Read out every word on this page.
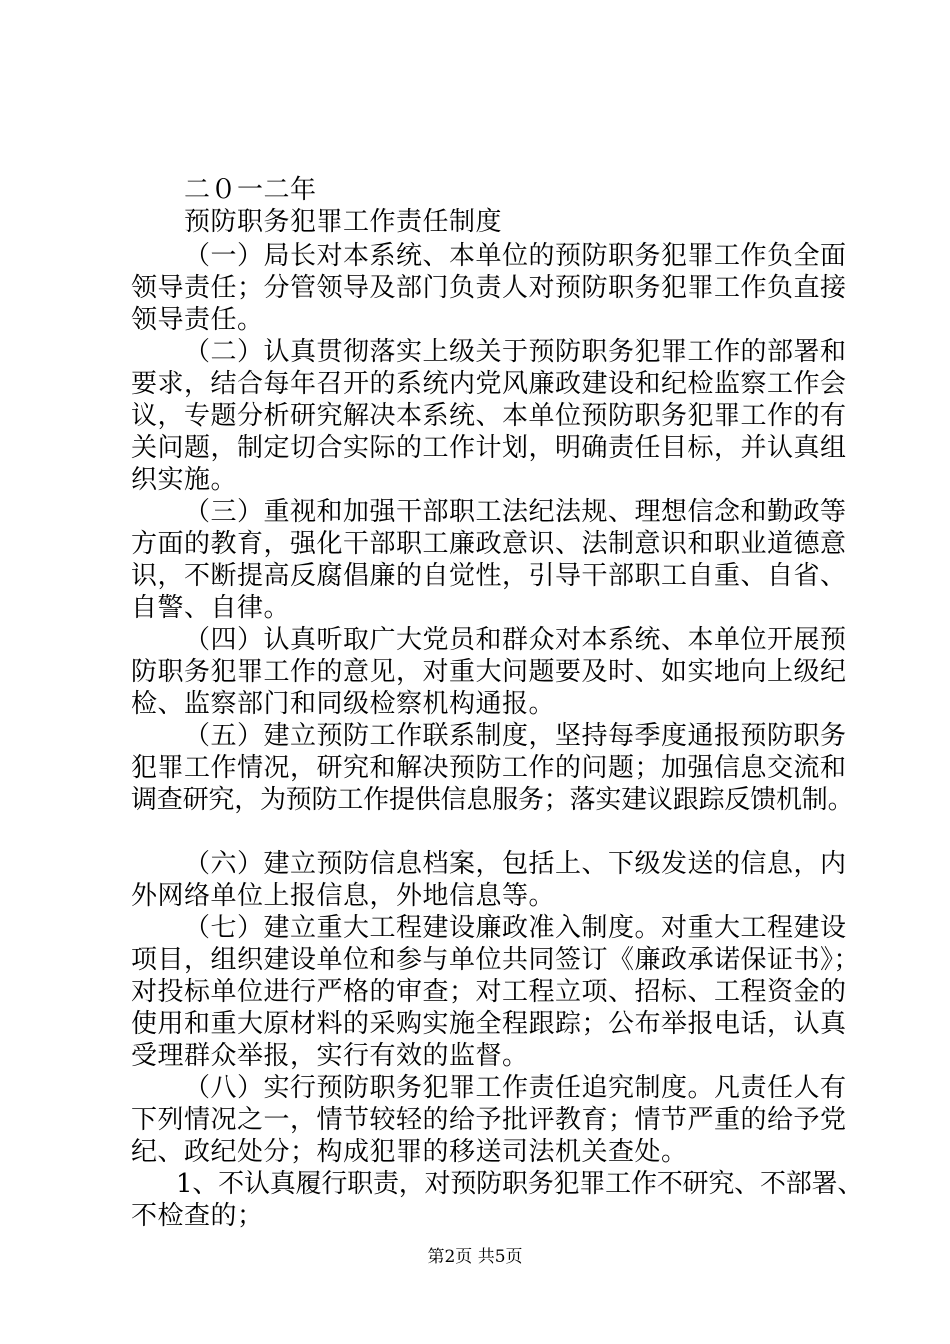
二０一二年
预防职务犯罪工作责任制度
（一）局长对本系统、本单位的预防职务犯罪工作负全面
领导责任；分管领导及部门负责人对预防职务犯罪工作负直接
领导责任。
（二）认真贯彻落实上级关于预防职务犯罪工作的部署和
要求，结合每年召开的系统内党风廉政建设和纪检监察工作会
议，专题分析研究解决本系统、本单位预防职务犯罪工作的有
关问题，制定切合实际的工作计划，明确责任目标，并认真组
织实施。
（三）重视和加强干部职工法纪法规、理想信念和勤政等
方面的教育，强化干部职工廉政意识、法制意识和职业道德意
识，不断提高反腐倡廉的自觉性，引导干部职工自重、自省、
自警、自律。
（四）认真听取广大党员和群众对本系统、本单位开展预
防职务犯罪工作的意见，对重大问题要及时、如实地向上级纪
检、监察部门和同级检察机构通报。
（五）建立预防工作联系制度，坚持每季度通报预防职务
犯罪工作情况，研究和解决预防工作的问题；加强信息交流和
调查研究，为预防工作提供信息服务；落实建议跟踪反馈机制。
（六）建立预防信息档案，包括上、下级发送的信息，内
外网络单位上报信息，外地信息等。
（七）建立重大工程建设廉政准入制度。对重大工程建设
项目，组织建设单位和参与单位共同签订《廉政承诺保证书》；
对投标单位进行严格的审查；对工程立项、招标、工程资金的
使用和重大原材料的采购实施全程跟踪；公布举报电话，认真
受理群众举报，实行有效的监督。
（八）实行预防职务犯罪工作责任追究制度。凡责任人有
下列情况之一，情节较轻的给予批评教育；情节严重的给予党
纪、政纪处分；构成犯罪的移送司法机关查处。
1、不认真履行职责，对预防职务犯罪工作不研究、不部署、
不检查的；
第2页 共5页
